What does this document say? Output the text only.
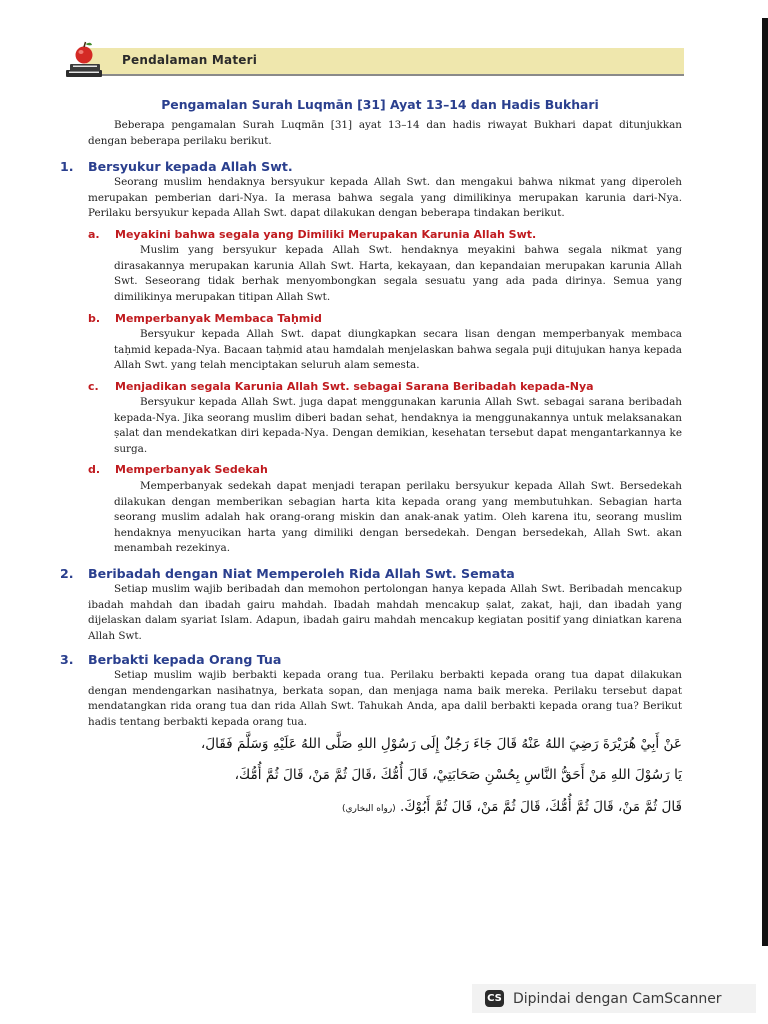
Pendalaman Materi
Pengamalan Surah Luqmān [31] Ayat 13–14 dan Hadis Bukhari

Beberapa pengamalan Surah Luqmān [31] ayat 13–14 dan hadis riwayat Bukhari dapat ditunjukkan dengan beberapa perilaku berikut.

1. Bersyukur kepada Allah Swt.

Seorang muslim hendaknya bersyukur kepada Allah Swt. dan mengakui bahwa nikmat yang diperoleh merupakan pemberian dari-Nya. Ia merasa bahwa segala yang dimilikinya merupakan karunia dari-Nya. Perilaku bersyukur kepada Allah Swt. dapat dilakukan dengan beberapa tindakan berikut.

a. Meyakini bahwa segala yang Dimiliki Merupakan Karunia Allah Swt.

Muslim yang bersyukur kepada Allah Swt. hendaknya meyakini bahwa segala nikmat yang dirasakannya merupakan karunia Allah Swt. Harta, kekayaan, dan kepandaian merupakan karunia Allah Swt. Seseorang tidak berhak menyombongkan segala sesuatu yang ada pada dirinya. Semua yang dimilikinya merupakan titipan Allah Swt.

b. Memperbanyak Membaca Taḥmid

Bersyukur kepada Allah Swt. dapat diungkapkan secara lisan dengan memperbanyak membaca taḥmid kepada-Nya. Bacaan taḥmid atau hamdalah menjelaskan bahwa segala puji ditujukan hanya kepada Allah Swt. yang telah menciptakan seluruh alam semesta.

c. Menjadikan segala Karunia Allah Swt. sebagai Sarana Beribadah kepada-Nya

Bersyukur kepada Allah Swt. juga dapat menggunakan karunia Allah Swt. sebagai sarana beribadah kepada-Nya. Jika seorang muslim diberi badan sehat, hendaknya ia menggunakannya untuk melaksanakan ṣalat dan mendekatkan diri kepada-Nya. Dengan demikian, kesehatan tersebut dapat mengantarkannya ke surga.

d. Memperbanyak Sedekah

Memperbanyak sedekah dapat menjadi terapan perilaku bersyukur kepada Allah Swt. Bersedekah dilakukan dengan memberikan sebagian harta kita kepada orang yang membutuhkan. Sebagian harta seorang muslim adalah hak orang-orang miskin dan anak-anak yatim. Oleh karena itu, seorang muslim hendaknya menyucikan harta yang dimiliki dengan bersedekah. Dengan bersedekah, Allah Swt. akan menambah rezekinya.

2. Beribadah dengan Niat Memperoleh Rida Allah Swt. Semata

Setiap muslim wajib beribadah dan memohon pertolongan hanya kepada Allah Swt. Beribadah mencakup ibadah mahdah dan ibadah gairu mahdah. Ibadah mahdah mencakup ṣalat, zakat, haji, dan ibadah yang dijelaskan dalam syariat Islam. Adapun, ibadah gairu mahdah mencakup kegiatan positif yang diniatkan karena Allah Swt.

3. Berbakti kepada Orang Tua

Setiap muslim wajib berbakti kepada orang tua. Perilaku berbakti kepada orang tua dapat dilakukan dengan mendengarkan nasihatnya, berkata sopan, dan menjaga nama baik mereka. Perilaku tersebut dapat mendatangkan rida orang tua dan rida Allah Swt. Tahukah Anda, apa dalil berbakti kepada orang tua? Berikut hadis tentang berbakti kepada orang tua.

عَنْ أَبِيْ هُرَيْرَةَ رَضِيَ اللهُ عَنْهُ قَالَ جَاءَ رَجُلٌ إِلَى رَسُوْلِ اللهِ صَلَّى اللهُ عَلَيْهِ وَسَلَّمَ فَقَالَ،
يَا رَسُوْلَ اللهِ مَنْ أَحَقُّ النَّاسِ بِحُسْنِ صَحَابَتِيْ، قَالَ أُمُّكَ ،قَالَ ثُمَّ مَنْ، قَالَ ثُمَّ أُمُّكَ،
قَالَ ثُمَّ مَنْ، قَالَ ثُمَّ أُمُّكَ، قَالَ ثُمَّ مَنْ، قَالَ ثُمَّ أَبُوْكَ. (رواه البخاري)
CS Dipindai dengan CamScanner
